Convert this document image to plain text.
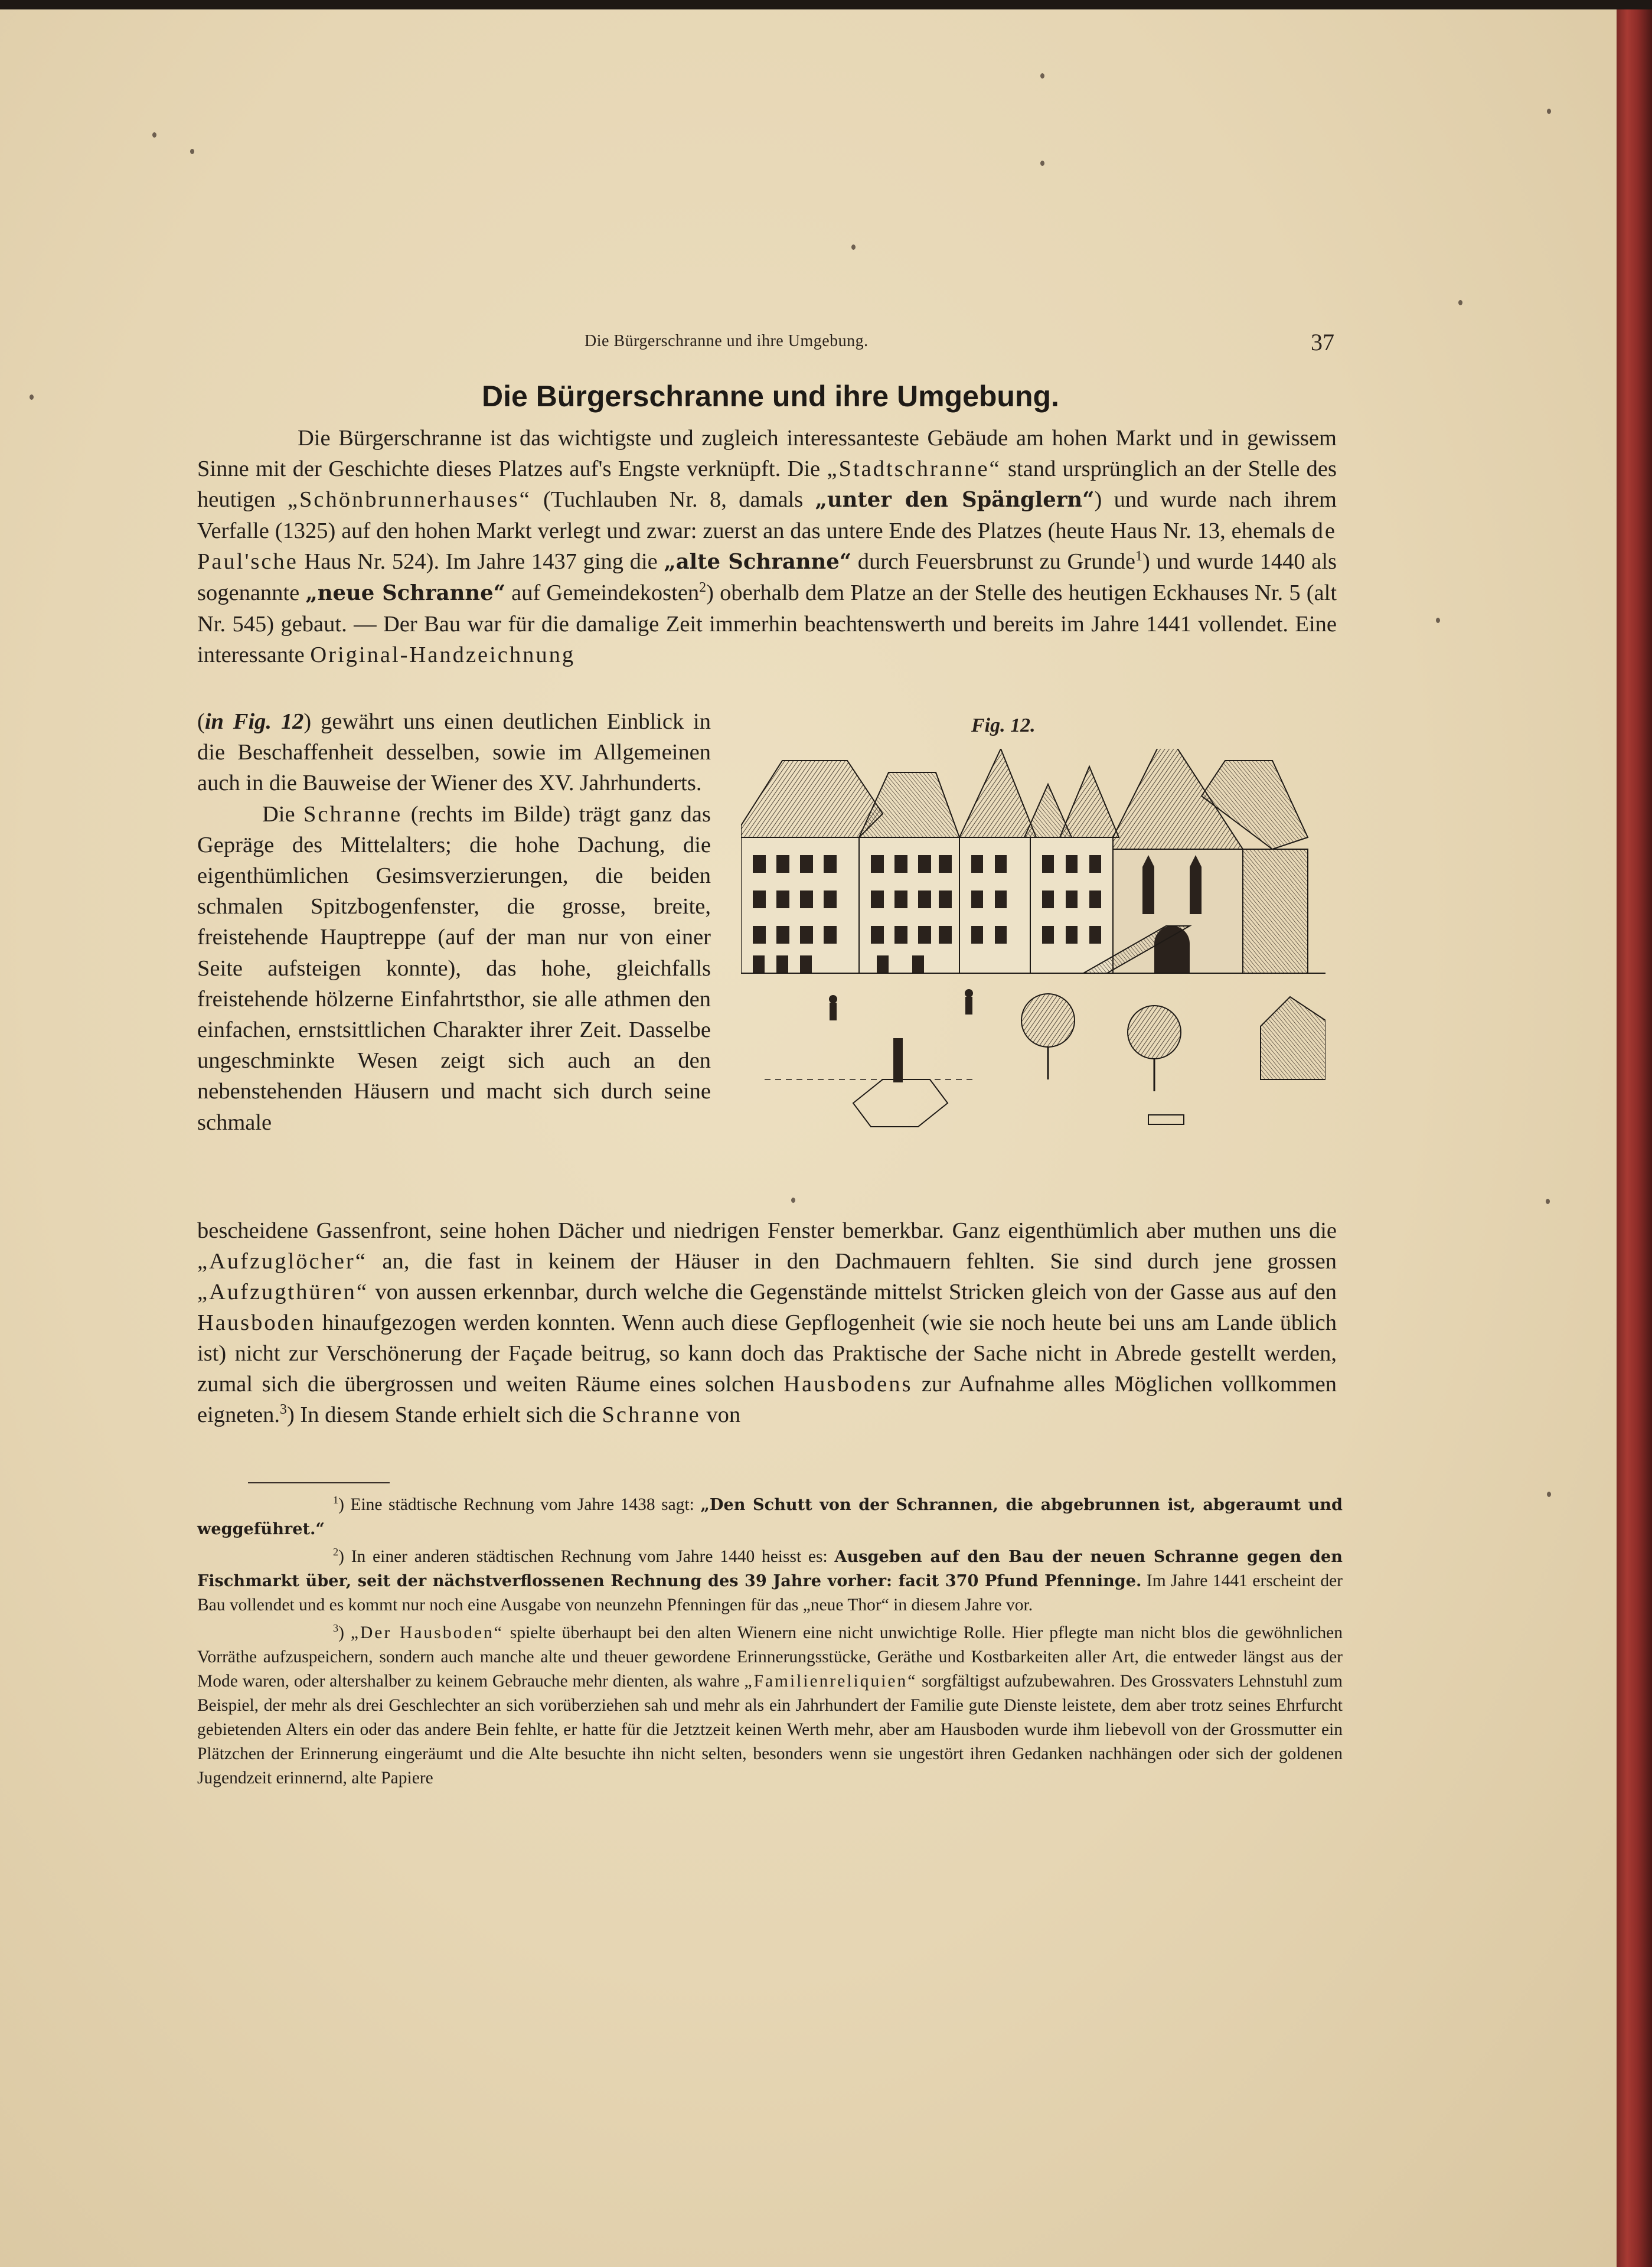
Die Bürgerschranne und ihre Umgebung.	37
Die Bürgerschranne und ihre Umgebung.

Die Bürgerschranne ist das wichtigste und zugleich interessanteste Gebäude am hohen Markt und in gewissem Sinne mit der Geschichte dieses Platzes auf's Engste verknüpft. Die „Stadtschranne“ stand ursprünglich an der Stelle des heutigen „Schönbrunnerhauses“ (Tuchlauben Nr. 8, damals „unter den Spänglern“) und wurde nach ihrem Verfalle (1325) auf den hohen Markt verlegt und zwar: zuerst an das untere Ende des Platzes (heute Haus Nr. 13, ehemals de Paul'sche Haus Nr. 524). Im Jahre 1437 ging die „alte Schranne“ durch Feuersbrunst zu Grunde$^1$) und wurde 1440 als sogenannte „neue Schranne“ auf Gemeindekosten$^2$) oberhalb dem Platze an der Stelle des heutigen Eckhauses Nr. 5 (alt Nr. 545) gebaut. — Der Bau war für die damalige Zeit immerhin beachtenswerth und bereits im Jahre 1441 vollendet. Eine interessante Original-Handzeichnung

(in Fig. 12) gewährt uns einen deutlichen Einblick in die Beschaffenheit desselben, sowie im Allgemeinen auch in die Bauweise der Wiener des XV. Jahrhunderts.

Die Schranne (rechts im Bilde) trägt ganz das Gepräge des Mittelalters; die hohe Dachung, die eigenthümlichen Gesimsverzierungen, die beiden schmalen Spitzbogenfenster, die grosse, breite, freistehende Hauptreppe (auf der man nur von einer Seite aufsteigen konnte), das hohe, gleichfalls freistehende hölzerne Einfahrtsthor, sie alle athmen den einfachen, ernstsittlichen Charakter ihrer Zeit. Dasselbe ungeschminkte Wesen zeigt sich auch an den nebenstehenden Häusern und macht sich durch seine schmale

Fig. 12.

bescheidene Gassenfront, seine hohen Dächer und niedrigen Fenster bemerkbar. Ganz eigenthümlich aber muthen uns die „Aufzuglöcher“ an, die fast in keinem der Häuser in den Dachmauern fehlten. Sie sind durch jene grossen „Aufzugthüren“ von aussen erkennbar, durch welche die Gegenstände mittelst Stricken gleich von der Gasse aus auf den Hausboden hinaufgezogen werden konnten. Wenn auch diese Gepflogenheit (wie sie noch heute bei uns am Lande üblich ist) nicht zur Verschönerung der Façade beitrug, so kann doch das Praktische der Sache nicht in Abrede gestellt werden, zumal sich die übergrossen und weiten Räume eines solchen Hausbodens zur Aufnahme alles Möglichen vollkommen eigneten.$^3$) In diesem Stande erhielt sich die Schranne von

$^1$) Eine städtische Rechnung vom Jahre 1438 sagt: „Den Schutt von der Schrannen, die abgebrunnen ist, abgeraumt und weggeführet.“

$^2$) In einer anderen städtischen Rechnung vom Jahre 1440 heisst es: Ausgeben auf den Bau der neuen Schranne gegen den Fischmarkt über, seit der nächstverflossenen Rechnung des 39 Jahre vorher: facit 370 Pfund Pfenninge. Im Jahre 1441 erscheint der Bau vollendet und es kommt nur noch eine Ausgabe von neunzehn Pfenningen für das „neue Thor“ in diesem Jahre vor.

$^3$) „Der Hausboden“ spielte überhaupt bei den alten Wienern eine nicht unwichtige Rolle. Hier pflegte man nicht blos die gewöhnlichen Vorräthe aufzuspeichern, sondern auch manche alte und theuer gewordene Erinnerungsstücke, Geräthe und Kostbarkeiten aller Art, die entweder längst aus der Mode waren, oder altershalber zu keinem Gebrauche mehr dienten, als wahre „Familienreliquien“ sorgfältigst aufzubewahren. Des Grossvaters Lehnstuhl zum Beispiel, der mehr als drei Geschlechter an sich vorüberziehen sah und mehr als ein Jahrhundert der Familie gute Dienste leistete, dem aber trotz seines Ehrfurcht gebietenden Alters ein oder das andere Bein fehlte, er hatte für die Jetztzeit keinen Werth mehr, aber am Hausboden wurde ihm liebevoll von der Grossmutter ein Plätzchen der Erinnerung eingeräumt und die Alte besuchte ihn nicht selten, besonders wenn sie ungestört ihren Gedanken nachhängen oder sich der goldenen Jugendzeit erinnernd, alte Papiere
